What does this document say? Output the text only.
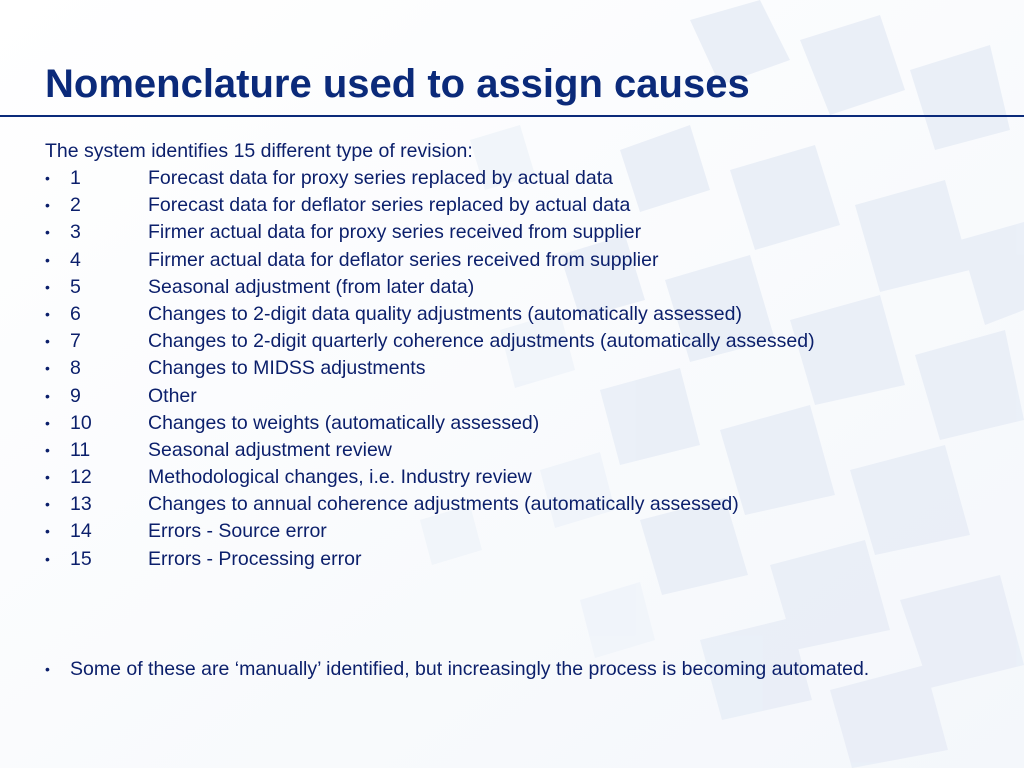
Nomenclature used to assign causes
The system identifies 15 different type of revision:
•	1	Forecast data for proxy series replaced by actual data
•	2	Forecast data for deflator series replaced by actual data
•	3	Firmer actual data for proxy series received from supplier
•	4	Firmer actual data for deflator series received from supplier
•	5	Seasonal adjustment (from later data)
•	6	Changes to 2-digit data quality adjustments (automatically assessed)
•	7	Changes to 2-digit quarterly coherence adjustments (automatically assessed)
•	8	Changes to MIDSS adjustments
•	9	Other
•	10	Changes to weights (automatically assessed)
•	11	Seasonal adjustment review
•	12	Methodological changes, i.e. Industry review
•	13	Changes to annual coherence adjustments (automatically assessed)
•	14	Errors - Source error
•	15	Errors - Processing error
•	Some of these are ‘manually’ identified, but increasingly the process is becoming automated.
